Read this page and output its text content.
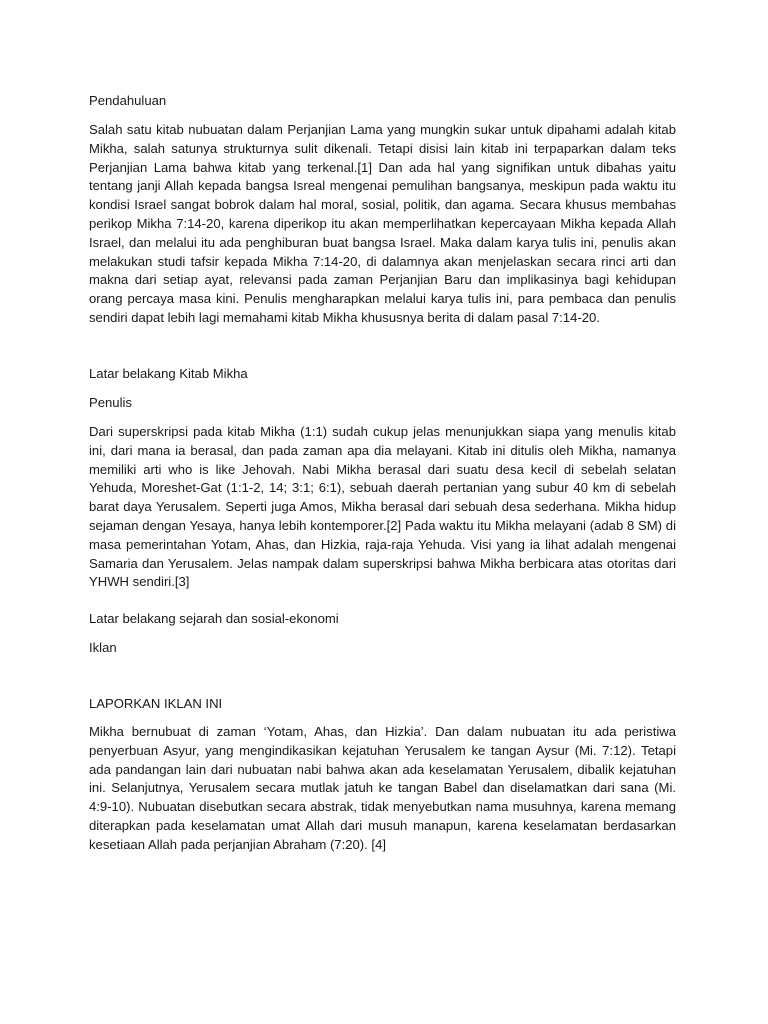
Pendahuluan

Salah satu kitab nubuatan dalam Perjanjian Lama yang mungkin sukar untuk dipahami adalah kitab Mikha, salah satunya strukturnya sulit dikenali. Tetapi disisi lain kitab ini terpaparkan dalam teks Perjanjian Lama bahwa kitab yang terkenal.[1] Dan ada hal yang signifikan untuk dibahas yaitu tentang janji Allah kepada bangsa Isreal mengenai pemulihan bangsanya, meskipun pada waktu itu kondisi Israel sangat bobrok dalam hal moral, sosial, politik, dan agama. Secara khusus membahas perikop Mikha 7:14-20, karena diperikop itu akan memperlihatkan kepercayaan Mikha kepada Allah Israel, dan melalui itu ada penghiburan buat bangsa Israel. Maka dalam karya tulis ini, penulis akan melakukan studi tafsir kepada Mikha 7:14-20, di dalamnya akan menjelaskan secara rinci arti dan makna dari setiap ayat, relevansi pada zaman Perjanjian Baru dan implikasinya bagi kehidupan orang percaya masa kini. Penulis mengharapkan melalui karya tulis ini, para pembaca dan penulis sendiri dapat lebih lagi memahami kitab Mikha khususnya berita di dalam pasal 7:14-20.

Latar belakang Kitab Mikha
Penulis

Dari superskripsi pada kitab Mikha (1:1) sudah cukup jelas menunjukkan siapa yang menulis kitab ini, dari mana ia berasal, dan pada zaman apa dia melayani. Kitab ini ditulis oleh Mikha, namanya memiliki arti who is like Jehovah. Nabi Mikha berasal dari suatu desa kecil di sebelah selatan Yehuda, Moreshet-Gat (1:1-2, 14; 3:1; 6:1), sebuah daerah pertanian yang subur 40 km di sebelah barat daya Yerusalem. Seperti juga Amos, Mikha berasal dari sebuah desa sederhana. Mikha hidup sejaman dengan Yesaya, hanya lebih kontemporer.[2] Pada waktu itu Mikha melayani (adab 8 SM) di masa pemerintahan Yotam, Ahas, dan Hizkia, raja-raja Yehuda. Visi yang ia lihat adalah mengenai Samaria dan Yerusalem. Jelas nampak dalam superskripsi bahwa Mikha berbicara atas otoritas dari YHWH sendiri.[3]

Latar belakang sejarah dan sosial-ekonomi
Iklan
LAPORKAN IKLAN INI

Mikha bernubuat di zaman ‘Yotam, Ahas, dan Hizkia’. Dan dalam nubuatan itu ada peristiwa penyerbuan Asyur, yang mengindikasikan kejatuhan Yerusalem ke tangan Aysur (Mi. 7:12). Tetapi ada pandangan lain dari nubuatan nabi bahwa akan ada keselamatan Yerusalem, dibalik kejatuhan ini. Selanjutnya, Yerusalem secara mutlak jatuh ke tangan Babel dan diselamatkan dari sana (Mi. 4:9-10). Nubuatan disebutkan secara abstrak, tidak menyebutkan nama musuhnya, karena memang diterapkan pada keselamatan umat Allah dari musuh manapun, karena keselamatan berdasarkan kesetiaan Allah pada perjanjian Abraham (7:20). [4]
